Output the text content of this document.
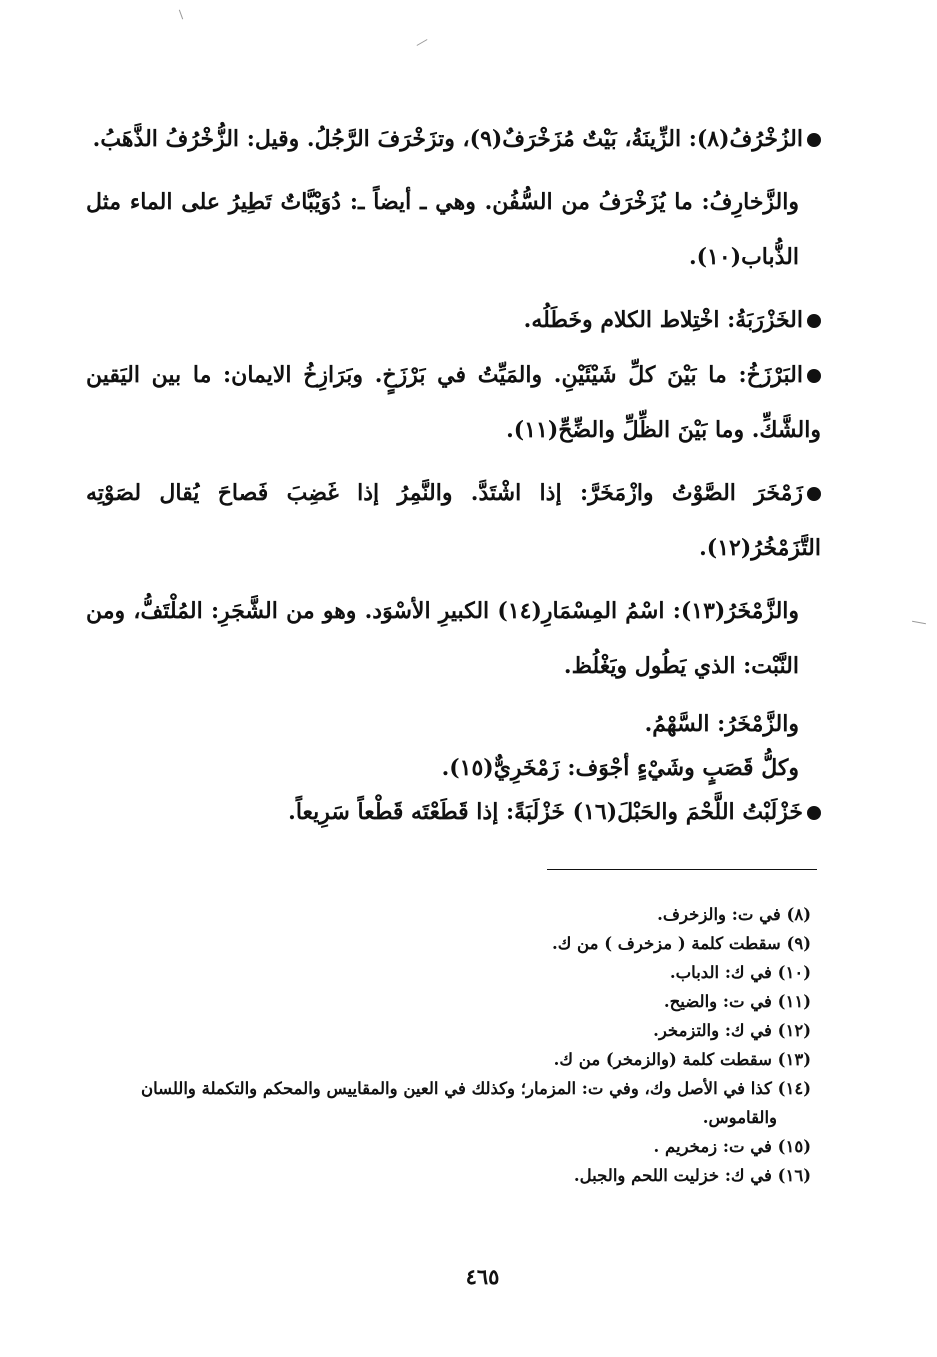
الزُخْرُفُ(٨): الزِّينَةُ، بَيْتٌ مُزَخْرَفٌ(٩)، وتزَخْرَفَ الرَّجُلُ. وقيل: الزُّخْرُفُ الذَّهَبُ.

والزَّخارِفُ: ما يُزَخْرَفُ من السُّفُن. وهي ـ أيضاً ـ: دُوَيْبَّاتٌ تَطِيرُ على الماء مثل الذُّباب(١٠).

الخَزْرَبَةُ: اخْتِلاط الكلام وخَطَلُه.

البَرْزَخُ: ما بَيْنَ كلِّ شَيْئَيْنِ. والمَيِّتُ في بَرْزَخٍ. وبَرَازِخُ الايمان: ما بين اليَقين والشَّكِّ. وما بَيْنَ الظِّلِّ والضِّحِّ(١١).

زَمْخَرَ الصَّوْتُ وازْمَخَرَّ: إذا اشْتَدَّ. والنَّمِرُ إذا غَضِبَ فَصاحَ يُقال لصَوْتِه التَّزَمْخُرُ(١٢).

والزَّمْخَرُ(١٣): اسْمُ المِسْمَارِ(١٤) الكبيرِ الأسْوَد. وهو من الشَّجَرِ: المُلْتَفُّ، ومن النَّبْت: الذي يَطُول ويَغْلُظ.

والزَّمْخَرُ: السَّهْمُ.

وكلُّ قَصَبٍ وشَيْءٍ أجْوَف: زَمْخَرِيٌّ(١٥).

خَزْلَبْتُ اللَّحْمَ والحَبْلَ(١٦) خَزْلَبَةً: إذا قَطَعْتَه قَطْعاً سَرِيعاً.

(٨) في ت: والزخرف.

(٩) سقطت كلمة ( مزخرف ) من ك.

(١٠) في ك: الدباب.

(١١) في ت: والضيح.

(١٢) في ك: والتزمخر.

(١٣) سقطت كلمة (والزمخر) من ك.

(١٤) كذا في الأصل وك، وفي ت: المزمار؛ وكذلك في العين والمقاييس والمحكم والتكملة واللسان

والقاموس.

(١٥) في ت: زمخريم .

(١٦) في ك: خزليت اللحم والجبل.

٤٦٥
